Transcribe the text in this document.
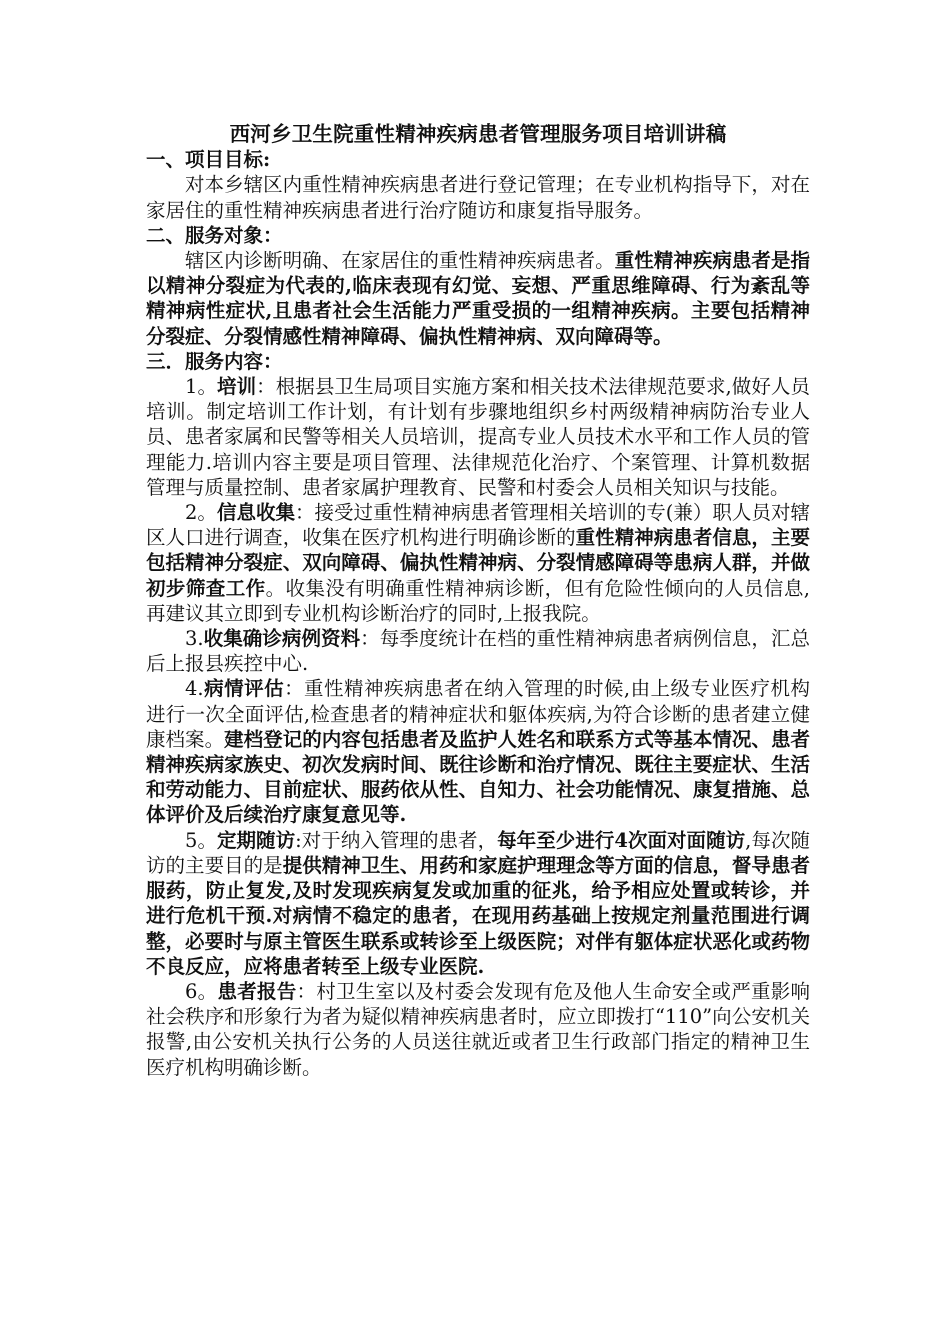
西河乡卫生院重性精神疾病患者管理服务项目培训讲稿

一、项目目标:

对本乡辖区内重性精神疾病患者进行登记管理；在专业机构指导下，对在家居住的重性精神疾病患者进行治疗随访和康复指导服务。

二、服务对象：

辖区内诊断明确、在家居住的重性精神疾病患者。重性精神疾病患者是指以精神分裂症为代表的,临床表现有幻觉、妄想、严重思维障碍、行为紊乱等精神病性症状,且患者社会生活能力严重受损的一组精神疾病。主要包括精神分裂症、分裂情感性精神障碍、偏执性精神病、双向障碍等。

三．服务内容：

1。培训：根据县卫生局项目实施方案和相关技术法律规范要求,做好人员培训。制定培训工作计划，有计划有步骤地组织乡村两级精神病防治专业人员、患者家属和民警等相关人员培训，提高专业人员技术水平和工作人员的管理能力.培训内容主要是项目管理、法律规范化治疗、个案管理、计算机数据管理与质量控制、患者家属护理教育、民警和村委会人员相关知识与技能。

2。信息收集：接受过重性精神病患者管理相关培训的专(兼）职人员对辖区人口进行调查，收集在医疗机构进行明确诊断的重性精神病患者信息，主要包括精神分裂症、双向障碍、偏执性精神病、分裂情感障碍等患病人群，并做初步筛查工作。收集没有明确重性精神病诊断，但有危险性倾向的人员信息,再建议其立即到专业机构诊断治疗的同时,上报我院。

3.收集确诊病例资料：每季度统计在档的重性精神病患者病例信息，汇总后上报县疾控中心.

4.病情评估：重性精神疾病患者在纳入管理的时候,由上级专业医疗机构进行一次全面评估,检查患者的精神症状和躯体疾病,为符合诊断的患者建立健康档案。建档登记的内容包括患者及监护人姓名和联系方式等基本情况、患者精神疾病家族史、初次发病时间、既往诊断和治疗情况、既往主要症状、生活和劳动能力、目前症状、服药依从性、自知力、社会功能情况、康复措施、总体评价及后续治疗康复意见等.

5。定期随访:对于纳入管理的患者，每年至少进行4次面对面随访,每次随访的主要目的是提供精神卫生、用药和家庭护理理念等方面的信息，督导患者服药，防止复发,及时发现疾病复发或加重的征兆，给予相应处置或转诊，并进行危机干预.对病情不稳定的患者，在现用药基础上按规定剂量范围进行调整，必要时与原主管医生联系或转诊至上级医院；对伴有躯体症状恶化或药物不良反应，应将患者转至上级专业医院.

6。患者报告：村卫生室以及村委会发现有危及他人生命安全或严重影响社会秩序和形象行为者为疑似精神疾病患者时，应立即拨打“110”向公安机关报警,由公安机关执行公务的人员送往就近或者卫生行政部门指定的精神卫生医疗机构明确诊断。
